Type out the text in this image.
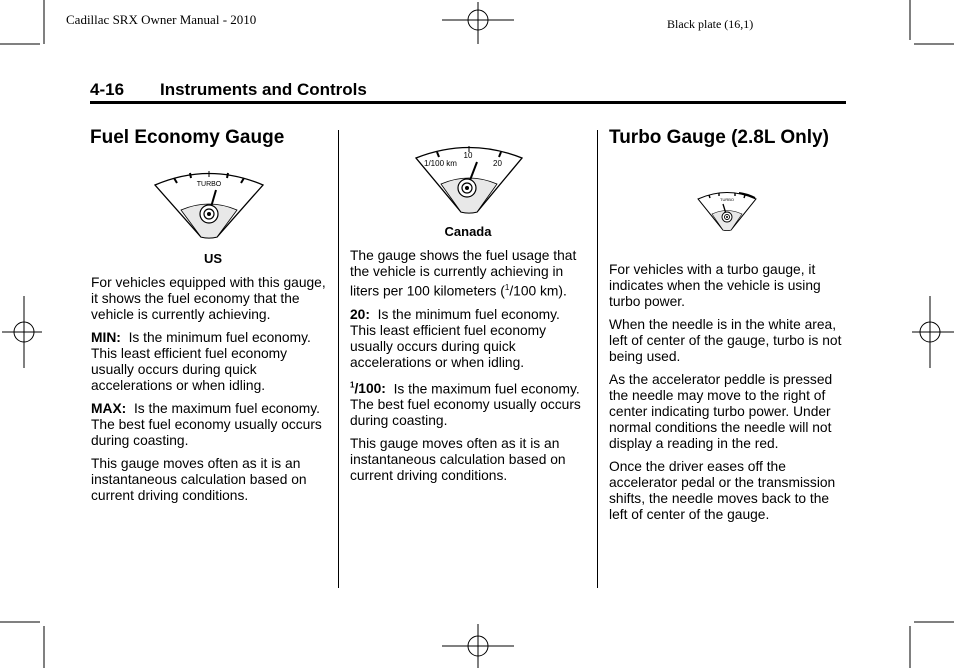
Cadillac SRX Owner Manual - 2010	Black plate (16,1)
4-16 Instruments and Controls
Fuel Economy Gauge
TURBO
US

For vehicles equipped with this gauge, it shows the fuel economy that the vehicle is currently achieving.

MIN: Is the minimum fuel economy. This least efficient fuel economy usually occurs during quick accelerations or when idling.

MAX: Is the maximum fuel economy. The best fuel economy usually occurs during coasting.

This gauge moves often as it is an instantaneous calculation based on current driving conditions.

10
1/100 km	20
Canada

The gauge shows the fuel usage that the vehicle is currently achieving in liters per 100 kilometers ($^1$/100 km).

20: Is the minimum fuel economy. This least efficient fuel economy usually occurs during quick accelerations or when idling.

$^1$/100: Is the maximum fuel economy. The best fuel economy usually occurs during coasting.

This gauge moves often as it is an instantaneous calculation based on current driving conditions.

Turbo Gauge (2.8L Only)
TURBO

For vehicles with a turbo gauge, it indicates when the vehicle is using turbo power.

When the needle is in the white area, left of center of the gauge, turbo is not being used.

As the accelerator peddle is pressed the needle may move to the right of center indicating turbo power. Under normal conditions the needle will not display a reading in the red.

Once the driver eases off the accelerator pedal or the transmission shifts, the needle moves back to the left of center of the gauge.
